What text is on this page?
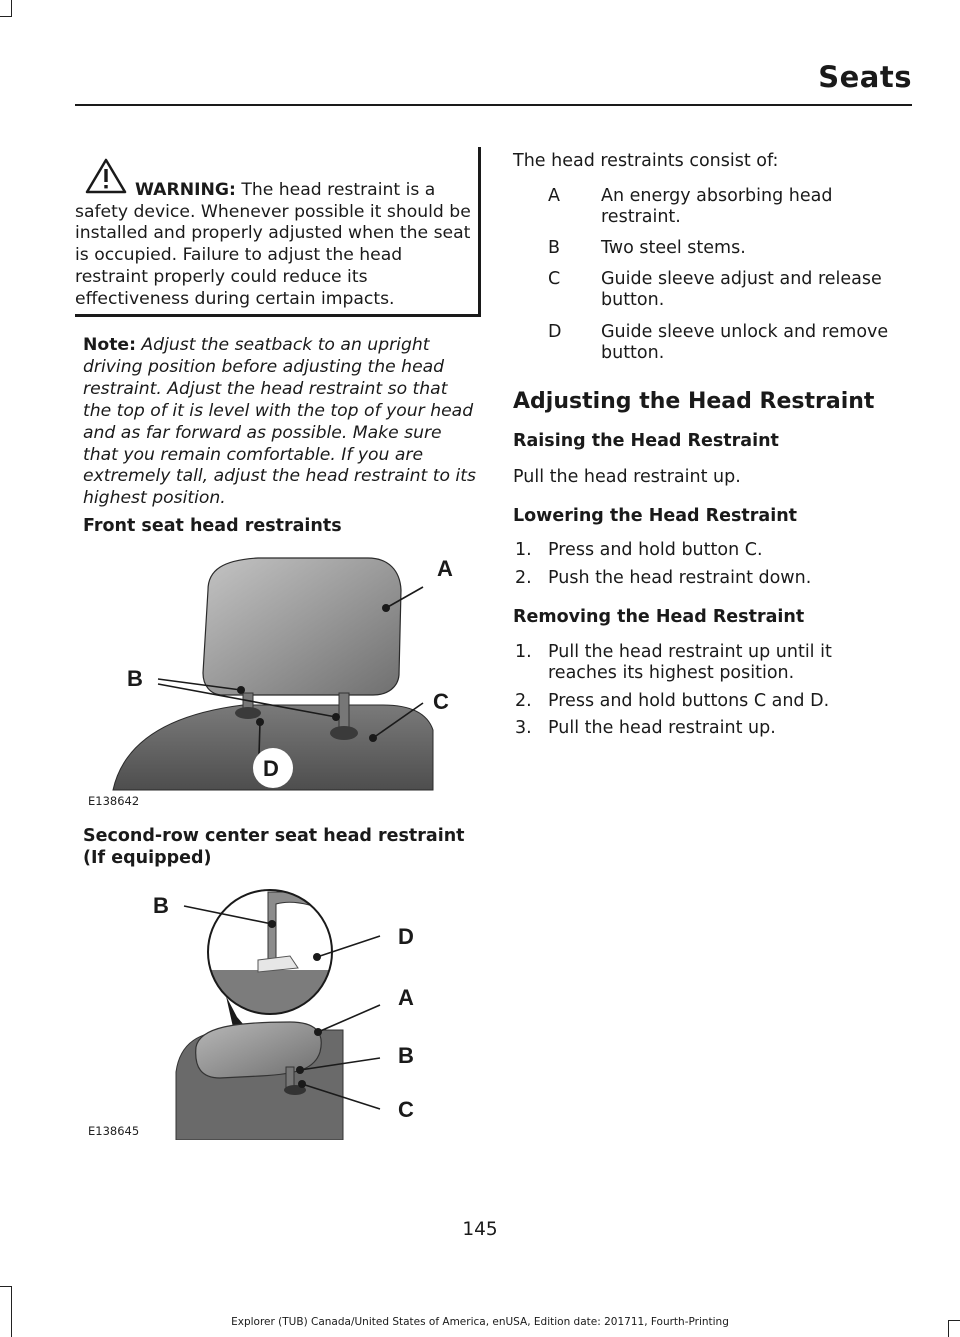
Seats
WARNING: The head restraint is a safety device. Whenever possible it should be installed and properly adjusted when the seat is occupied. Failure to adjust the head restraint properly could reduce its effectiveness during certain impacts.
Note: Adjust the seatback to an upright driving position before adjusting the head restraint. Adjust the head restraint so that the top of it is level with the top of your head and as far forward as possible. Make sure that you remain comfortable. If you are extremely tall, adjust the head restraint to its highest position.
Front seat head restraints
A
B
C
D
E138642
Second-row center seat head restraint
(If equipped)
B
D
A
B
C
E138645
The head restraints consist of:
A An energy absorbing head
restraint.
B Two steel stems.
C Guide sleeve adjust and release
button.
D Guide sleeve unlock and remove
button.
Adjusting the Head Restraint
Raising the Head Restraint
Pull the head restraint up.
Lowering the Head Restraint
1. Press and hold button C.
2. Push the head restraint down.
Removing the Head Restraint
1. Pull the head restraint up until it
reaches its highest position.
2. Press and hold buttons C and D.
3. Pull the head restraint up.
145
Explorer (TUB) Canada/United States of America, enUSA, Edition date: 201711, Fourth-Printing
